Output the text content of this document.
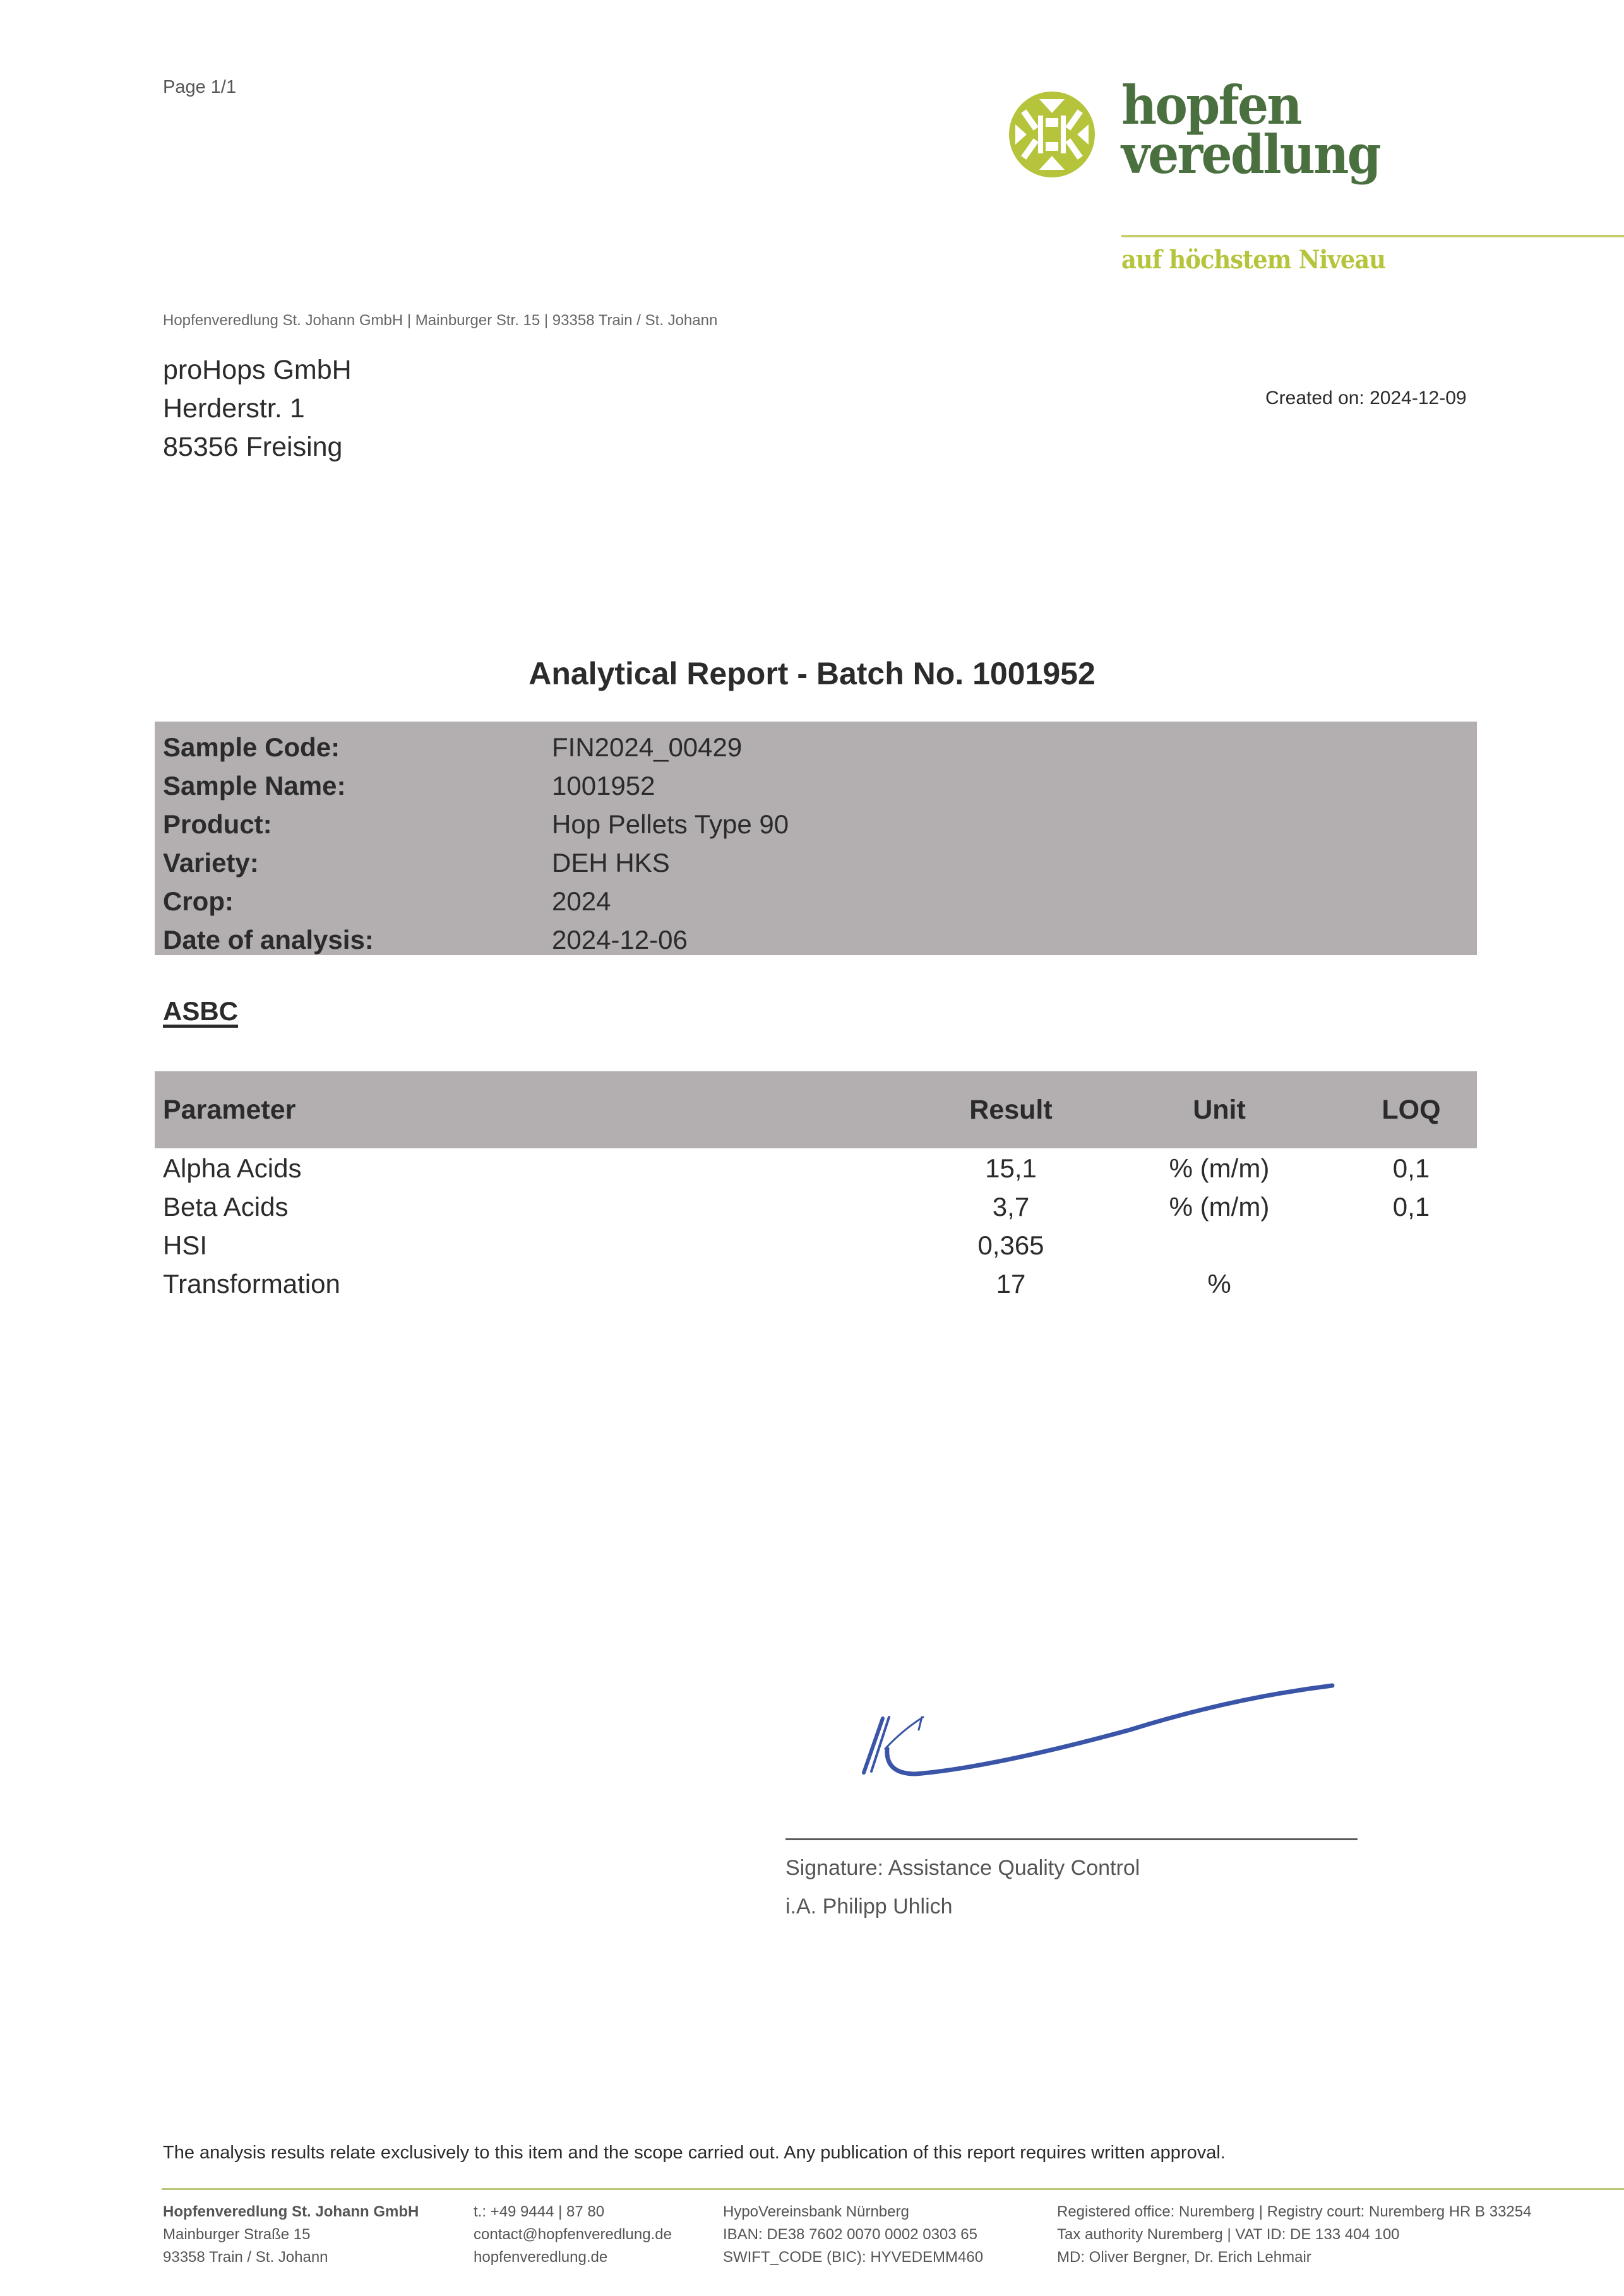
Page 1/1	hopfen
veredlung
auf höchstem Niveau
Hopfenveredlung St. Johann GmbH | Mainburger Str. 15 | 93358 Train / St. Johann
proHops GmbH
Herderstr. 1
85356 Freising
Created on: 2024-12-09
Analytical Report - Batch No. 1001952
Sample Code:	FIN2024_00429
Sample Name:	1001952
Product:	Hop Pellets Type 90
Variety:	DEH HKS
Crop:	2024
Date of analysis:	2024-12-06
ASBC
Parameter	Result	Unit	LOQ
Alpha Acids	15,1	% (m/m)	0,1
Beta Acids	3,7	% (m/m)	0,1
HSI	0,365
Transformation	17	%
Signature: Assistance Quality Control
i.A. Philipp Uhlich
The analysis results relate exclusively to this item and the scope carried out. Any publication of this report requires written approval.
Hopfenveredlung St. Johann GmbH
Mainburger Straße 15
93358 Train / St. Johann
t.: +49 9444 | 87 80
contact@hopfenveredlung.de
hopfenveredlung.de
HypoVereinsbank Nürnberg
IBAN: DE38 7602 0070 0002 0303 65
SWIFT_CODE (BIC): HYVEDEMM460
Registered office: Nuremberg | Registry court: Nuremberg HR B 33254
Tax authority Nuremberg | VAT ID: DE 133 404 100
MD: Oliver Bergner, Dr. Erich Lehmair
